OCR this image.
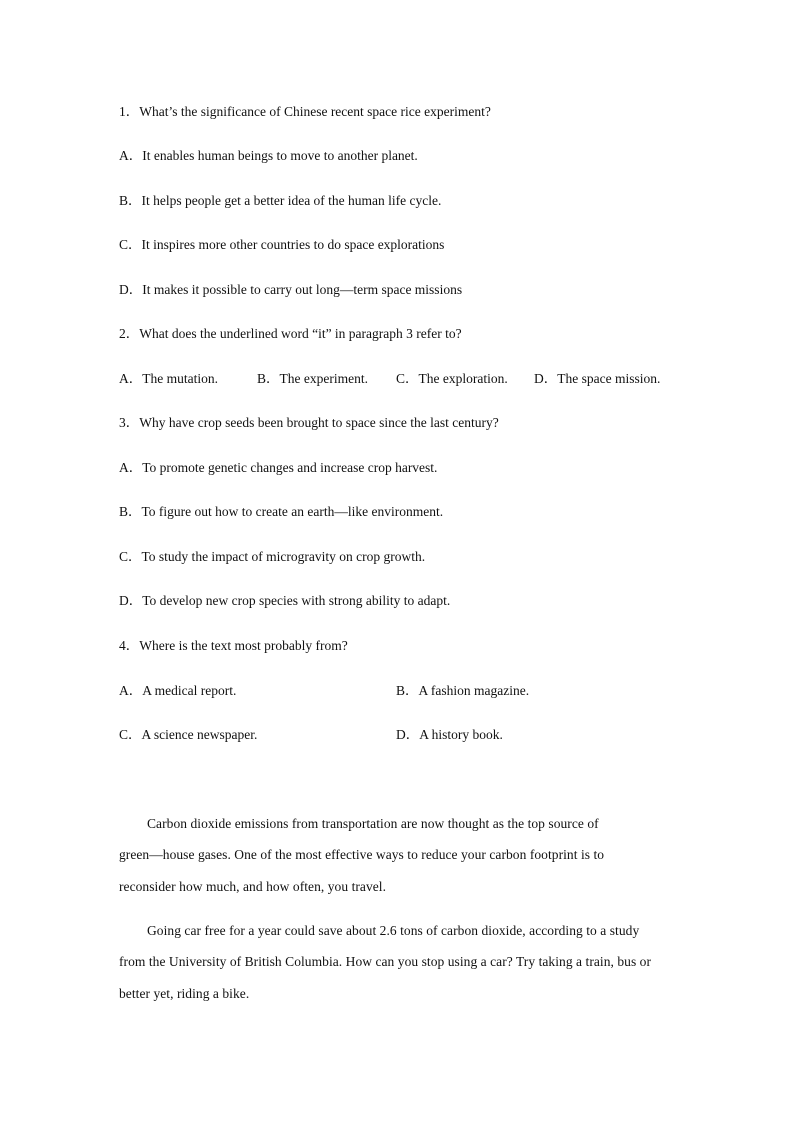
1．What’s the significance of Chinese recent space rice experiment?
A．It enables human beings to move to another planet.
B．It helps people get a better idea of the human life cycle.
C．It inspires more other countries to do space explorations
D．It makes it possible to carry out long—term space missions
2．What does the underlined word “it” in paragraph 3 refer to?
A．The mutation.	B．The experiment. C．The exploration. D．The space mission.
3．Why have crop seeds been brought to space since the last century?
A．To promote genetic changes and increase crop harvest.
B．To figure out how to create an earth—like environment.
C．To study the impact of microgravity on crop growth.
D．To develop new crop species with strong ability to adapt.
4．Where is the text most probably from?
A．A medical report.	B．A fashion magazine.
C．A science newspaper.	D．A history book.
Carbon dioxide emissions from transportation are now thought as the top source of
green—house gases. One of the most effective ways to reduce your carbon footprint is to
reconsider how much, and how often, you travel.
Going car free for a year could save about 2.6 tons of carbon dioxide, according to a study
from the University of British Columbia. How can you stop using a car? Try taking a train, bus or
better yet, riding a bike.
